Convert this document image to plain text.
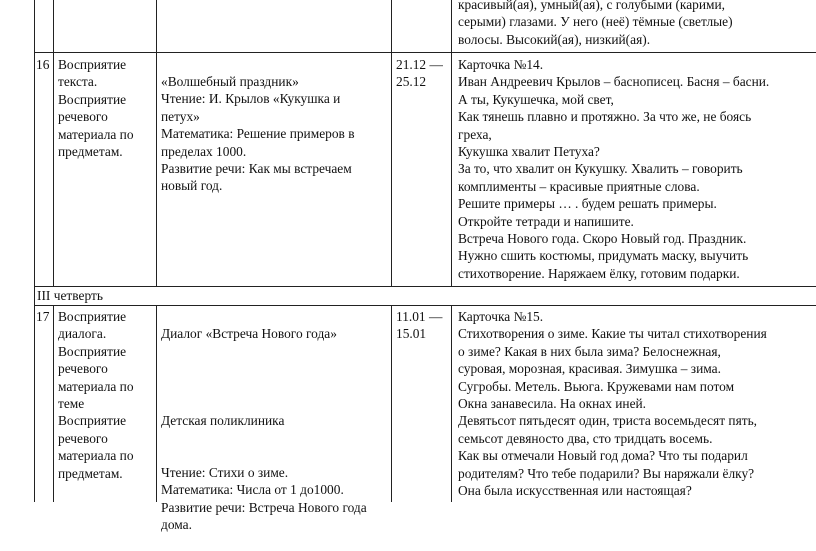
красивый(ая), умный(ая), с голубыми (карими,
серыми) глазами. У него (неё) тёмные (светлые)
волосы. Высокий(ая), низкий(ая).
16 Восприятие
текста.
Восприятие
речевого
материала по
предметам.
«Волшебный праздник»
Чтение: И. Крылов «Кукушка и
петух»
Математика: Решение примеров в
пределах 1000.
Развитие речи: Как мы встречаем
новый год.
21.12 —
25.12
Карточка №14.
Иван Андреевич Крылов – баснописец. Басня – басни.
А ты, Кукушечка, мой свет,
Как тянешь плавно и протяжно. За что же, не боясь
греха,
Кукушка хвалит Петуха?
За то, что хвалит он Кукушку. Хвалить – говорить
комплименты – красивые приятные слова.
Решите примеры … . будем решать примеры.
Откройте тетради и напишите.
Встреча Нового года. Скоро Новый год. Праздник.
Нужно сшить костюмы, придумать маску, выучить
стихотворение. Наряжаем ёлку, готовим подарки.
III четверть
17 Восприятие
диалога.
Восприятие
речевого
материала по
теме
Восприятие
речевого
материала по
предметам.

Диалог «Встреча Нового года»

Детская поликлиника

Чтение: Стихи о зиме.
Математика: Числа от 1 до1000.
Развитие речи: Встреча Нового года
дома.

11.01 —
15.01
Карточка №15.
Стихотворения о зиме. Какие ты читал стихотворения
о зиме? Какая в них была зима? Белоснежная,
суровая, морозная, красивая. Зимушка – зима.
Сугробы. Метель. Вьюга. Кружевами нам потом
Окна занавесила. На окнах иней.
Девятьсот пятьдесят один, триста восемьдесят пять,
семьсот девяносто два, сто тридцать восемь.
Как вы отмечали Новый год дома? Что ты подарил
родителям? Что тебе подарили? Вы наряжали ёлку?
Она была искусственная или настоящая?
